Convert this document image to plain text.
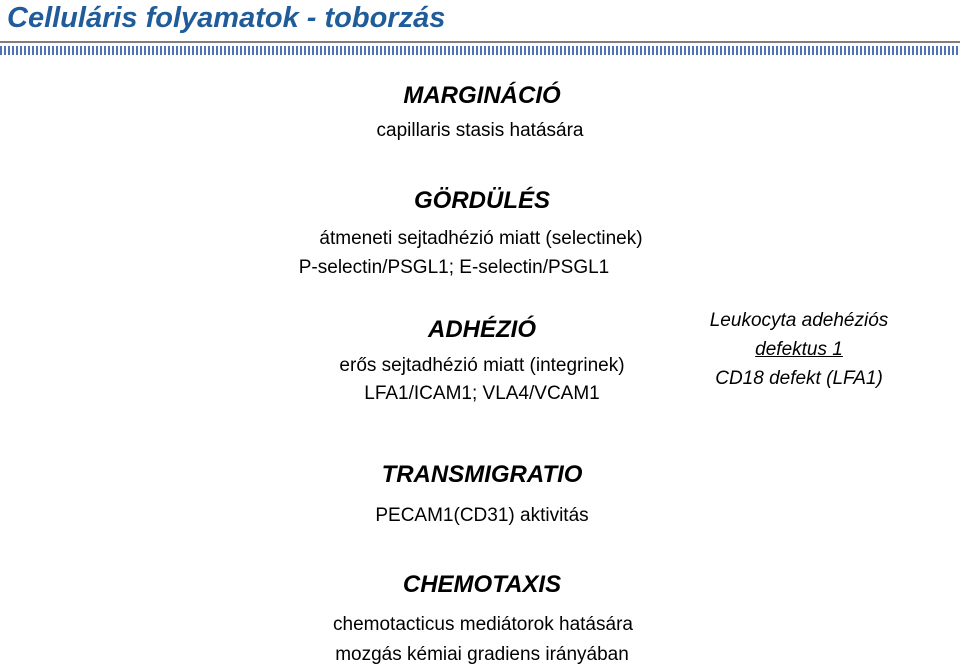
Celluláris folyamatok - toborzás
MARGINÁCIÓ
capillaris stasis hatására
GÖRDÜLÉS
átmeneti sejtadhézió miatt (selectinek)
P-selectin/PSGL1; E-selectin/PSGL1
ADHÉZIÓ
erős sejtadhézió miatt (integrinek)
LFA1/ICAM1; VLA4/VCAM1
Leukocyta adehéziós
defektus 1
CD18 defekt (LFA1)
TRANSMIGRATIO
PECAM1(CD31) aktivitás
CHEMOTAXIS
chemotacticus mediátorok hatására
mozgás kémiai gradiens irányában
